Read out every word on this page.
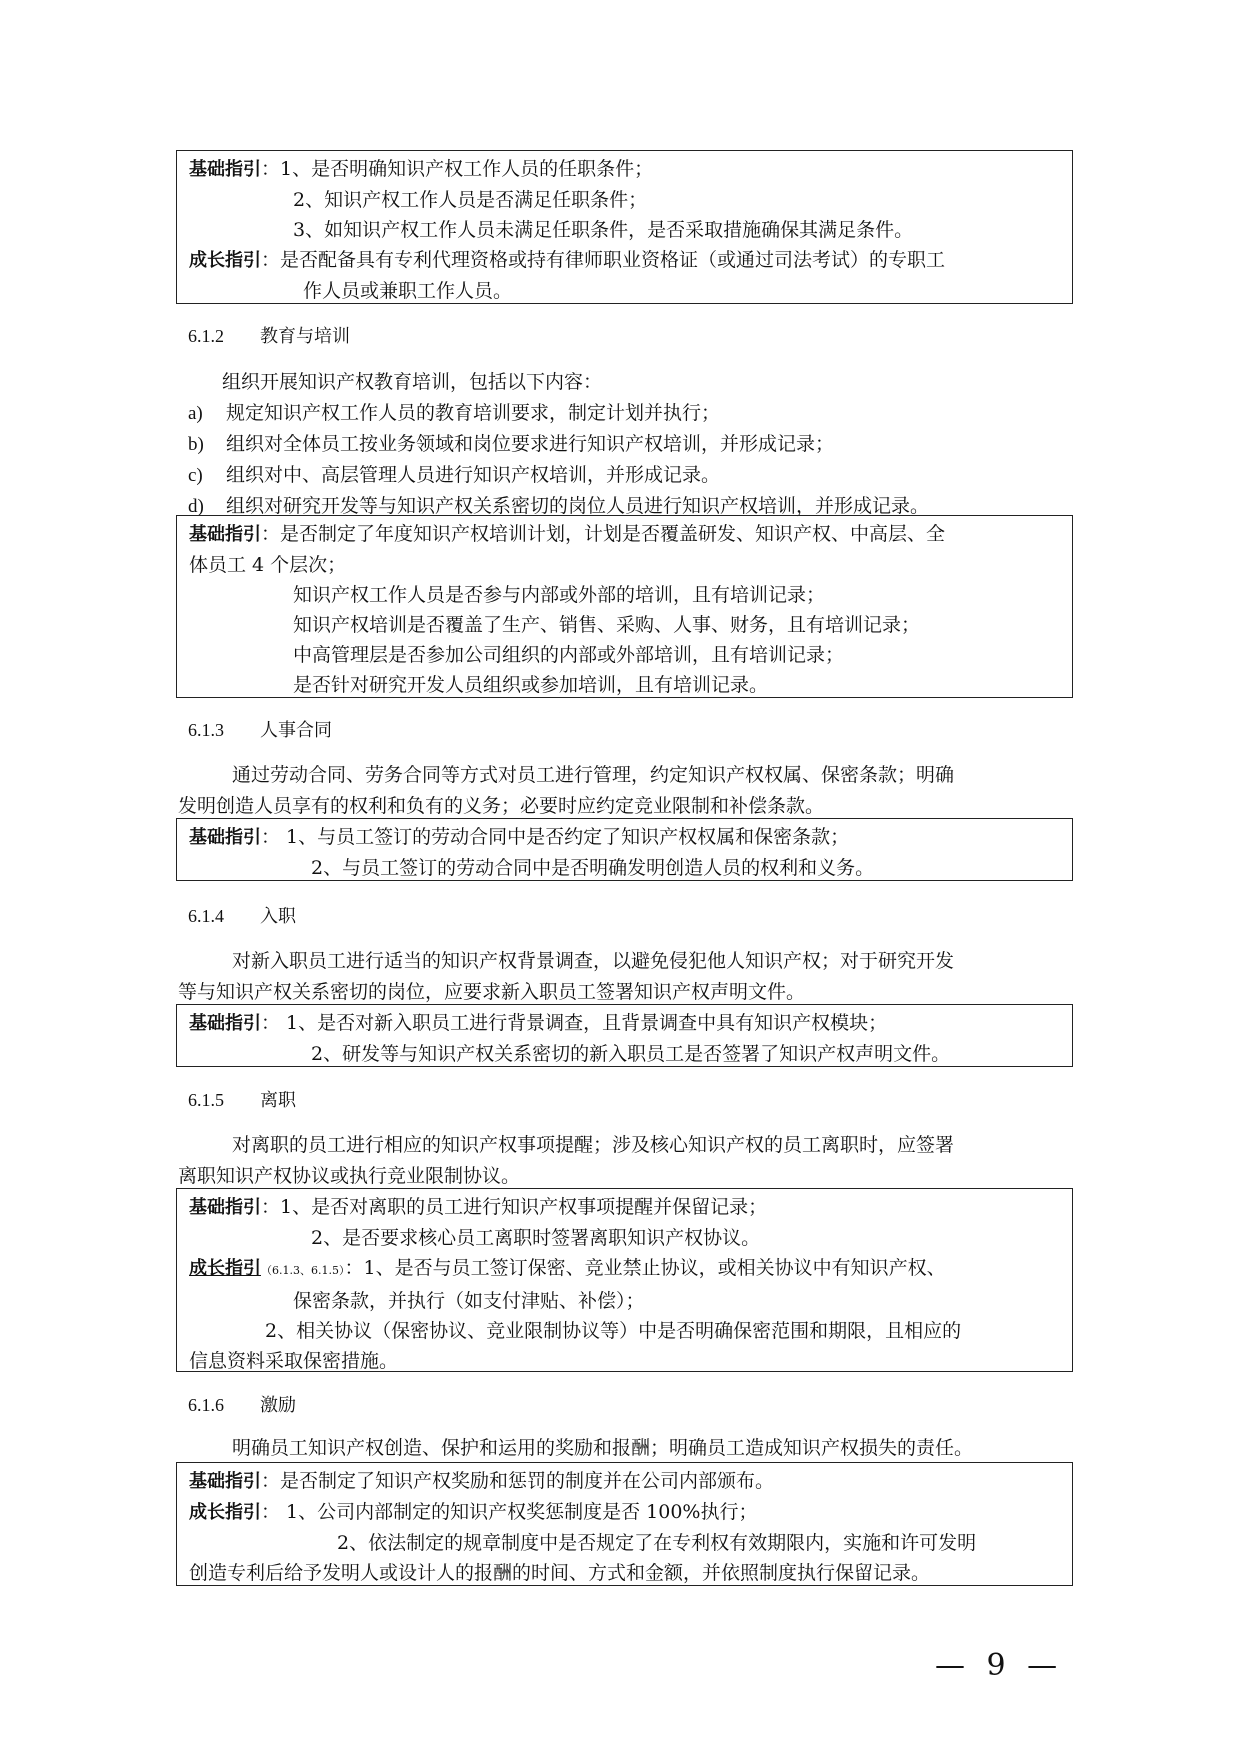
基础指引：1、是否明确知识产权工作人员的任职条件；
2、知识产权工作人员是否满足任职条件；
3、如知识产权工作人员未满足任职条件，是否采取措施确保其满足条件。
成长指引：是否配备具有专利代理资格或持有律师职业资格证（或通过司法考试）的专职工
作人员或兼职工作人员。
6.1.2 教育与培训
组织开展知识产权教育培训，包括以下内容：
a) 规定知识产权工作人员的教育培训要求，制定计划并执行；
b) 组织对全体员工按业务领域和岗位要求进行知识产权培训，并形成记录；
c) 组织对中、高层管理人员进行知识产权培训，并形成记录。
d) 组织对研究开发等与知识产权关系密切的岗位人员进行知识产权培训，并形成记录。
基础指引：是否制定了年度知识产权培训计划，计划是否覆盖研发、知识产权、中高层、全
体员工 4 个层次；
知识产权工作人员是否参与内部或外部的培训，且有培训记录；
知识产权培训是否覆盖了生产、销售、采购、人事、财务，且有培训记录；
中高管理层是否参加公司组织的内部或外部培训，且有培训记录；
是否针对研究开发人员组织或参加培训，且有培训记录。
6.1.3 人事合同
通过劳动合同、劳务合同等方式对员工进行管理，约定知识产权权属、保密条款；明确
发明创造人员享有的权利和负有的义务；必要时应约定竞业限制和补偿条款。
基础指引： 1、与员工签订的劳动合同中是否约定了知识产权权属和保密条款；
2、与员工签订的劳动合同中是否明确发明创造人员的权利和义务。
6.1.4 入职
对新入职员工进行适当的知识产权背景调查，以避免侵犯他人知识产权；对于研究开发
等与知识产权关系密切的岗位，应要求新入职员工签署知识产权声明文件。
基础指引： 1、是否对新入职员工进行背景调查，且背景调查中具有知识产权模块；
2、研发等与知识产权关系密切的新入职员工是否签署了知识产权声明文件。
6.1.5 离职
对离职的员工进行相应的知识产权事项提醒；涉及核心知识产权的员工离职时，应签署
离职知识产权协议或执行竞业限制协议。
基础指引：1、是否对离职的员工进行知识产权事项提醒并保留记录；
2、是否要求核心员工离职时签署离职知识产权协议。
成长指引（6.1.3、6.1.5）：1、是否与员工签订保密、竞业禁止协议，或相关协议中有知识产权、
保密条款，并执行（如支付津贴、补偿）；
2、相关协议（保密协议、竞业限制协议等）中是否明确保密范围和期限，且相应的
信息资料采取保密措施。
6.1.6 激励
明确员工知识产权创造、保护和运用的奖励和报酬；明确员工造成知识产权损失的责任。
基础指引：是否制定了知识产权奖励和惩罚的制度并在公司内部颁布。
成长指引： 1、公司内部制定的知识产权奖惩制度是否 100%执行；
2、依法制定的规章制度中是否规定了在专利权有效期限内，实施和许可发明
创造专利后给予发明人或设计人的报酬的时间、方式和金额，并依照制度执行保留记录。
— 9 —
